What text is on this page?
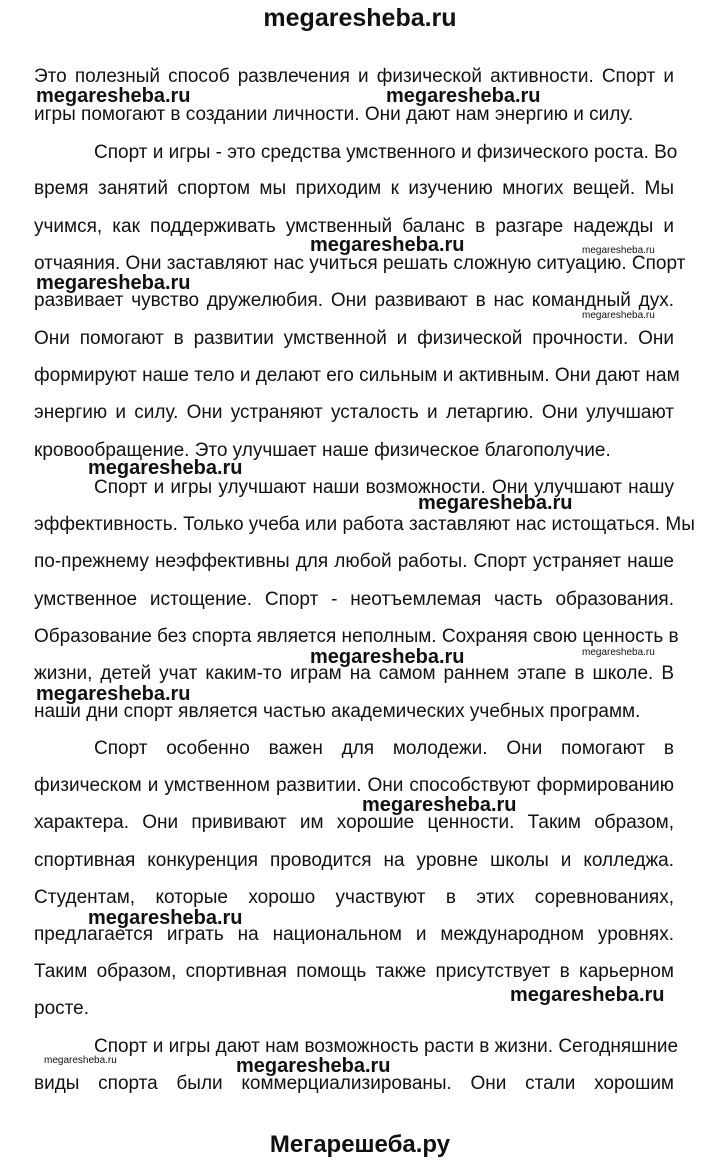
megaresheba.ru
Это полезный способ развлечения и физической активности. Спорт и
игры помогают в создании личности. Они дают нам энергию и силу.
Спорт и игры - это средства умственного и физического роста. Во
время занятий спортом мы приходим к изучению многих вещей. Мы
учимся, как поддерживать умственный баланс в разгаре надежды и
отчаяния. Они заставляют нас учиться решать сложную ситуацию. Спорт
развивает чувство дружелюбия. Они развивают в нас командный дух.
Они помогают в развитии умственной и физической прочности. Они
формируют наше тело и делают его сильным и активным. Они дают нам
энергию и силу. Они устраняют усталость и летаргию. Они улучшают
кровообращение. Это улучшает наше физическое благополучие.
Спорт и игры улучшают наши возможности. Они улучшают нашу
эффективность. Только учеба или работа заставляют нас истощаться. Мы
по-прежнему неэффективны для любой работы. Спорт устраняет наше
умственное истощение. Спорт - неотъемлемая часть образования.
Образование без спорта является неполным. Сохраняя свою ценность в
жизни, детей учат каким-то играм на самом раннем этапе в школе. В
наши дни спорт является частью академических учебных программ.
Спорт особенно важен для молодежи. Они помогают в
физическом и умственном развитии. Они способствуют формированию
характера. Они прививают им хорошие ценности. Таким образом,
спортивная конкуренция проводится на уровне школы и колледжа.
Студентам, которые хорошо участвуют в этих соревнованиях,
предлагается играть на национальном и международном уровнях.
Таким образом, спортивная помощь также присутствует в карьерном
росте.
Спорт и игры дают нам возможность расти в жизни. Сегодняшние
виды спорта были коммерциализированы. Они стали хорошим
megaresheba.ru	megaresheba.ru
megaresheba.ru	megaresheba.ru
megaresheba.ru
megaresheba.ru
megaresheba.ru
megaresheba.ru
megaresheba.ru	megaresheba.ru
megaresheba.ru
megaresheba.ru
megaresheba.ru
megaresheba.ru
megaresheba.ru	megaresheba.ru
Мегарешеба.ру
